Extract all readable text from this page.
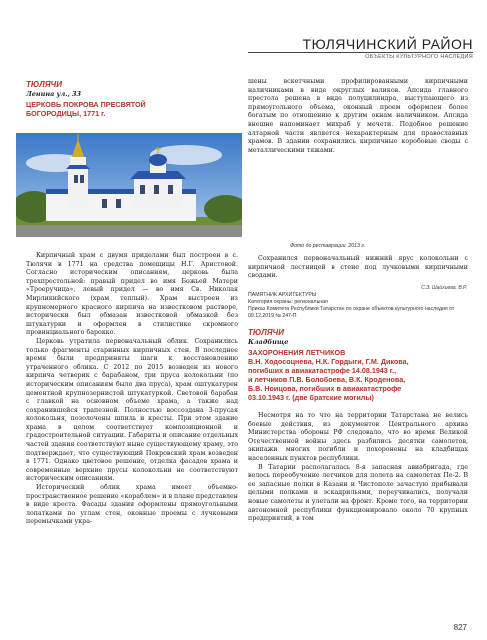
ТЮЛЯЧИНСКИЙ РАЙОН
ОБЪЕКТЫ КУЛЬТУРНОГО НАСЛЕДИЯ
ТЮЛЯЧИ
Ленина ул., 33
ЦЕРКОВЬ ПОКРОВА ПРЕСВЯТОЙ
БОГОРОДИЦЫ, 1771 г.
Фото до реставрации. 2013 г.

Кирпичный храм с двумя приделами был построен в с. Тюлячи в 1771 на средства помещицы Н.Г. Аристовой. Согласно историческим описаниям, церковь была трехпрестольной: правый придел во имя Божьей Матери «Троеручица», левый придел — во имя Св. Николая Мирликийского (храм теплый). Храм выстроен из крупномерного красного кирпича на известковом растворе, исторически был обмазан известковой обмазкой без штукатурки и оформлен в стилистике скромного провинциального барокко.

Церковь утратила первоначальный облик. Сохранились только фрагменты старинных кирпичных стен. В последнее время были предприняты шаги к восстановлению утраченного облика. С 2012 по 2015 возведен из нового кирпича четверик с барабаном, три пруса колокольни (по историческим описаниям было два пруса), храм оштукатурен цементной крупнозернистой штукатуркой. Световой барабан с главкой на основном объеме храма, а также над сохранившейся трапезной. Полностью воссоздана 3-прусая колокольня, позолочены шпиль и кресты. При этом здание храма в целом соответствует композиционной и градостроительной ситуации. Габариты и описание отдельных частей здания соответствуют ныне существующему храму, это подтверждает, что существующий Покровский храм возведен в 1771. Однако цветовое решение, отделка фасадов храма и современные верхние прусы колокольни не соответствуют историческим описаниям.

Исторический облик храма имеет объемно-пространственное решение «кораблем» и в плане представлен в виде креста. Фасады здания оформлены прямоугольными лопатками по углам стен, оконные проемы с лучковыми перемычками укра-

шены вскетчными профилированными кирпичными наличниками в виде округлых валиков. Апсида главного престола решена в виде полуцилиндра, выступающего из прямоугольного объема, оконный проем оформлен более богатым по отношению к другим окнам наличником. Апсида внешне напоминает михраб у мечети. Подобное решение алтарной части является нехарактерным для православных храмов. В здании сохранились кирпичные коробовые своды с металлическими тяжами.

Сохранился первоначальный нижний ярус колокольни с кирпичной лестницей в стене под лучковыми кирпичными сводами.

С.З. Шайхиева, В.Р.
ПАМЯТНИК АРХИТЕКТУРЫ
Категория охраны: региональная
Приказ Комитета Республики Татарстан по охране объектов культурного наследия от 09.12.2019 № 247-П
ТЮЛЯЧИ
Кладбище
ЗАХОРОНЕНИЯ ЛЕТЧИКОВ
В.Н. Ходосоцнева, Н.К. Гордыги, Г.М. Дикова,
погибших в авиакатастрофе 14.08.1943 г.,
и летчиков П.В. Болобоева, В.К. Кроденова,
Б.В. Ноицова, погибших в авиакатастрофе
03.10.1943 г. (две братские могилы)

Несмотря на то что на территории Татарстана не велись боевые действия, из документов Центрального архива Министерства обороны РФ следовало, что во время Великой Отечественной войны здесь разбились десятки самолетов, экипажи многих погибли и похоронены на кладбищах населенных пунктов республики.

В Татарии располагалась 8-я запасная авиабригада, где велось переобучение летчиков для полета на самолетах Пе-2. В ее запасные полки в Казани и Чистополе зачастую прибывали целыми полками и эскадрильями, переучивались, получали новые самолеты и улетали на фронт. Кроме того, на территории автономной республики функционировало около 70 крупных предприятий, в том

827
